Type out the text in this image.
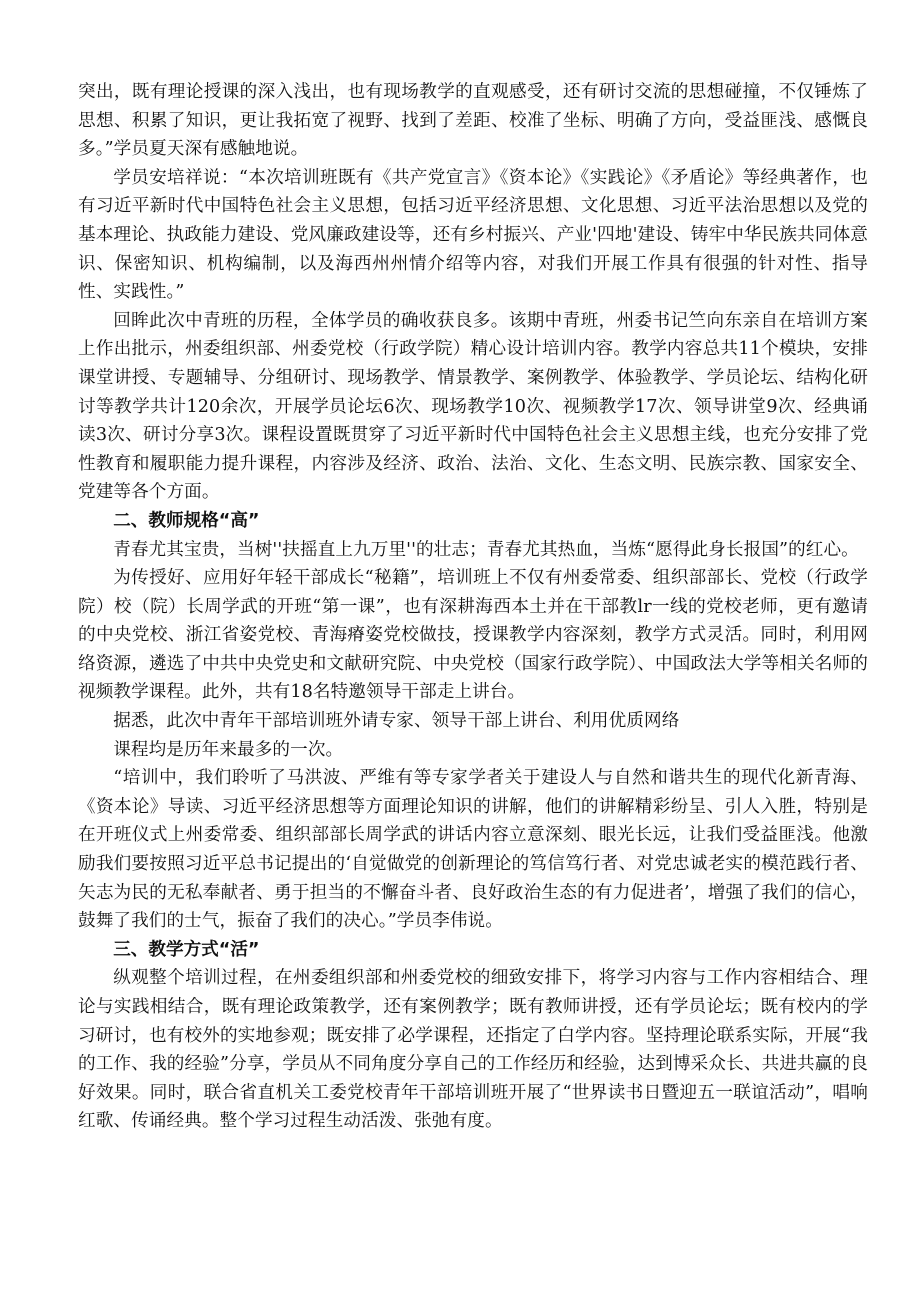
突出，既有理论授课的深入浅出，也有现场教学的直观感受，还有研讨交流的思想碰撞，不仅锤炼了思想、积累了知识，更让我拓宽了视野、找到了差距、校准了坐标、明确了方向，受益匪浅、感慨良多。”学员夏天深有感触地说。

学员安培祥说：“本次培训班既有《共产党宣言》《资本论》《实践论》《矛盾论》等经典著作，也有习近平新时代中国特色社会主义思想，包括习近平经济思想、文化思想、习近平法治思想以及党的基本理论、执政能力建设、党风廉政建设等，还有乡村振兴、产业'四地'建设、铸牢中华民族共同体意识、保密知识、机构编制，以及海西州州情介绍等内容，对我们开展工作具有很强的针对性、指导性、实践性。”

回眸此次中青班的历程，全体学员的确收获良多。该期中青班，州委书记竺向东亲自在培训方案上作出批示，州委组织部、州委党校（行政学院）精心设计培训内容。教学内容总共11个模块，安排课堂讲授、专题辅导、分组研讨、现场教学、情景教学、案例教学、体验教学、学员论坛、结构化研讨等教学共计120余次，开展学员论坛6次、现场教学10次、视频教学17次、领导讲堂9次、经典诵读3次、研讨分享3次。课程设置既贯穿了习近平新时代中国特色社会主义思想主线，也充分安排了党性教育和履职能力提升课程，内容涉及经济、政治、法治、文化、生态文明、民族宗教、国家安全、党建等各个方面。

二、教师规格“高”

青春尤其宝贵，当树''扶摇直上九万里''的壮志；青春尤其热血，当炼“愿得此身长报国”的红心。

为传授好、应用好年轻干部成长“秘籍”，培训班上不仅有州委常委、组织部部长、党校（行政学院）校（院）长周学武的开班“第一课”，也有深耕海西本土并在干部教lr一线的党校老师，更有邀请的中央党校、浙江省姿党校、青海瘠姿党校做技，授课教学内容深刻，教学方式灵活。同时，利用网络资源，遴选了中共中央党史和文献研究院、中央党校（国家行政学院）、中国政法大学等相关名师的视频教学课程。此外，共有18名特邀领导干部走上讲台。

据悉，此次中青年干部培训班外请专家、领导干部上讲台、利用优质网络

课程均是历年来最多的一次。

“培训中，我们聆听了马洪波、严维有等专家学者关于建设人与自然和谐共生的现代化新青海、《资本论》导读、习近平经济思想等方面理论知识的讲解，他们的讲解精彩纷呈、引人入胜，特别是在开班仪式上州委常委、组织部部长周学武的讲话内容立意深刻、眼光长远，让我们受益匪浅。他激励我们要按照习近平总书记提出的‘自觉做党的创新理论的笃信笃行者、对党忠诚老实的模范践行者、矢志为民的无私奉献者、勇于担当的不懈奋斗者、良好政治生态的有力促进者’，增强了我们的信心，鼓舞了我们的士气，振奋了我们的决心。”学员李伟说。

三、教学方式“活”

纵观整个培训过程，在州委组织部和州委党校的细致安排下，将学习内容与工作内容相结合、理论与实践相结合，既有理论政策教学，还有案例教学；既有教师讲授，还有学员论坛；既有校内的学习研讨，也有校外的实地参观；既安排了必学课程，还指定了白学内容。坚持理论联系实际，开展“我的工作、我的经验”分享，学员从不同角度分享自己的工作经历和经验，达到博采众长、共进共赢的良好效果。同时，联合省直机关工委党校青年干部培训班开展了“世界读书日暨迎五一联谊活动”，唱响红歌、传诵经典。整个学习过程生动活泼、张弛有度。
